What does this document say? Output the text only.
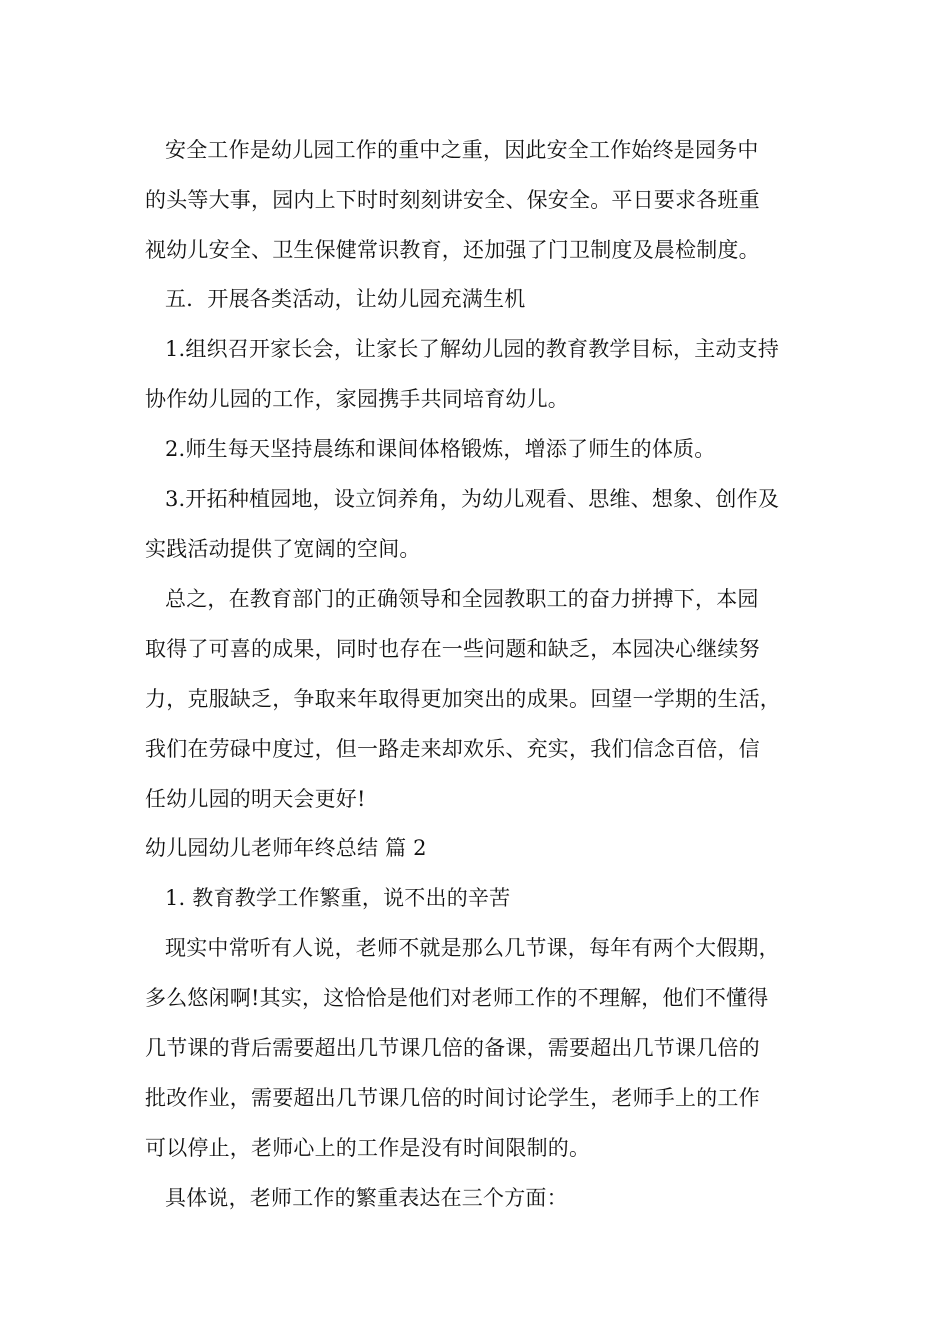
安全工作是幼儿园工作的重中之重，因此安全工作始终是园务中
的头等大事，园内上下时时刻刻讲安全、保安全。平日要求各班重
视幼儿安全、卫生保健常识教育，还加强了门卫制度及晨检制度。
五．开展各类活动，让幼儿园充满生机
1.组织召开家长会，让家长了解幼儿园的教育教学目标，主动支持
协作幼儿园的工作，家园携手共同培育幼儿。
2.师生每天坚持晨练和课间体格锻炼，增添了师生的体质。
3.开拓种植园地，设立饲养角，为幼儿观看、思维、想象、创作及
实践活动提供了宽阔的空间。
总之，在教育部门的正确领导和全园教职工的奋力拼搏下，本园
取得了可喜的成果，同时也存在一些问题和缺乏，本园决心继续努
力，克服缺乏，争取来年取得更加突出的成果。回望一学期的生活，
我们在劳碌中度过，但一路走来却欢乐、充实，我们信念百倍，信
任幼儿园的明天会更好!
幼儿园幼儿老师年终总结 篇 2
1. 教育教学工作繁重，说不出的辛苦
现实中常听有人说，老师不就是那么几节课，每年有两个大假期，
多么悠闲啊!其实，这恰恰是他们对老师工作的不理解，他们不懂得
几节课的背后需要超出几节课几倍的备课，需要超出几节课几倍的
批改作业，需要超出几节课几倍的时间讨论学生，老师手上的工作
可以停止，老师心上的工作是没有时间限制的。
具体说，老师工作的繁重表达在三个方面：
